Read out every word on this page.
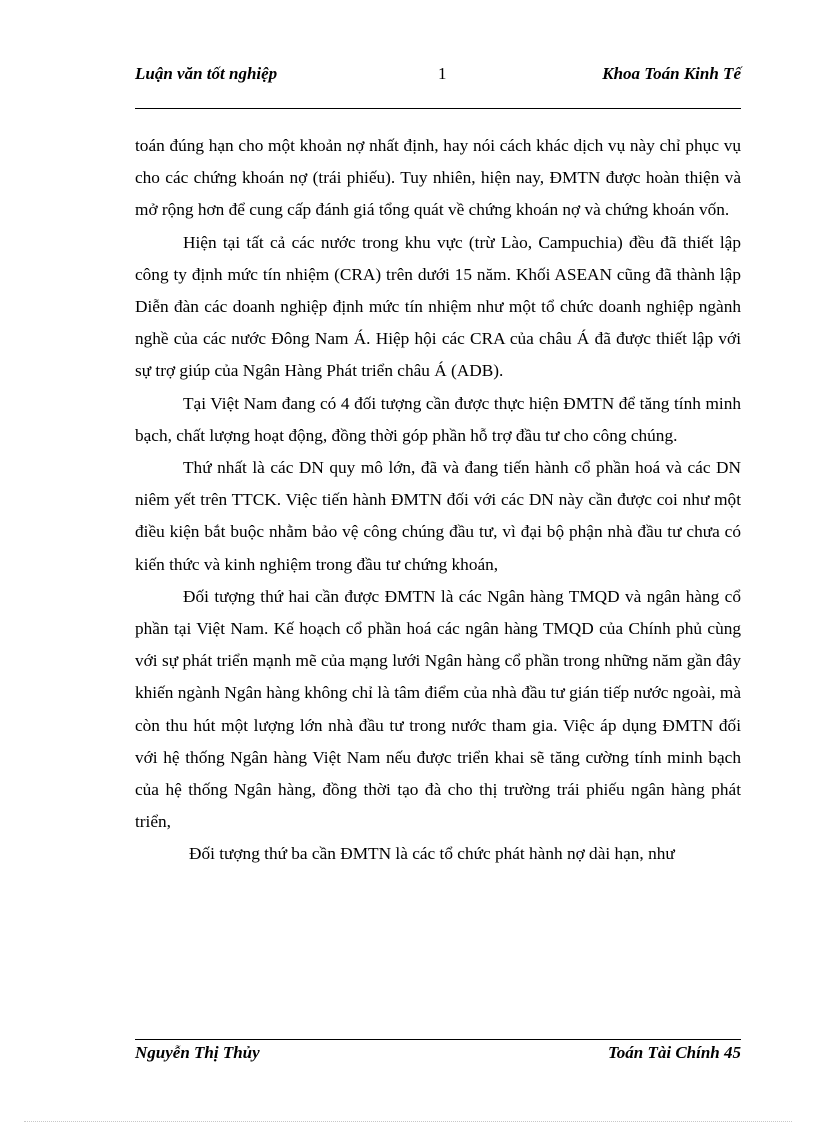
Luận văn tốt nghiệp	1	Khoa Toán Kinh Tế

toán đúng hạn cho một khoản nợ nhất định, hay nói cách khác dịch vụ này chỉ phục vụ cho các chứng khoán nợ (trái phiếu). Tuy nhiên, hiện nay, ĐMTN được hoàn thiện và mở rộng hơn để cung cấp đánh giá tổng quát về chứng khoán nợ và chứng khoán vốn.

Hiện tại tất cả các nước trong khu vực (trừ Lào, Campuchia) đều đã thiết lập công ty định mức tín nhiệm (CRA) trên dưới 15 năm. Khối ASEAN cũng đã thành lập Diễn đàn các doanh nghiệp định mức tín nhiệm như một tổ chức doanh nghiệp ngành nghề của các nước Đông Nam Á. Hiệp hội các CRA của châu Á đã được thiết lập với sự trợ giúp của Ngân Hàng Phát triển châu Á (ADB).

Tại Việt Nam đang có 4 đối tượng cần được thực hiện ĐMTN để tăng tính minh bạch, chất lượng hoạt động, đồng thời góp phần hỗ trợ đầu tư cho công chúng.

Thứ nhất là các DN quy mô lớn, đã và đang tiến hành cổ phần hoá và các DN niêm yết trên TTCK. Việc tiến hành ĐMTN đối với các DN này cần được coi như một điều kiện bắt buộc nhằm bảo vệ công chúng đầu tư, vì đại bộ phận nhà đầu tư chưa có kiến thức và kinh nghiệm trong đầu tư chứng khoán,

Đối tượng thứ hai cần được ĐMTN là các Ngân hàng TMQD và ngân hàng cổ phần tại Việt Nam. Kế hoạch cổ phần hoá các ngân hàng TMQD của Chính phủ cùng với sự phát triển mạnh mẽ của mạng lưới Ngân hàng cổ phần trong những năm gần đây khiến ngành Ngân hàng không chỉ là tâm điểm của nhà đầu tư gián tiếp nước ngoài, mà còn thu hút một lượng lớn nhà đầu tư trong nước tham gia. Việc áp dụng ĐMTN đối với hệ thống Ngân hàng Việt Nam nếu được triển khai sẽ tăng cường tính minh bạch của hệ thống Ngân hàng, đồng thời tạo đà cho thị trường trái phiếu ngân hàng phát triển,

Đối tượng thứ ba cần ĐMTN là các tổ chức phát hành nợ dài hạn, như

Nguyễn Thị Thủy	Toán Tài Chính 45
